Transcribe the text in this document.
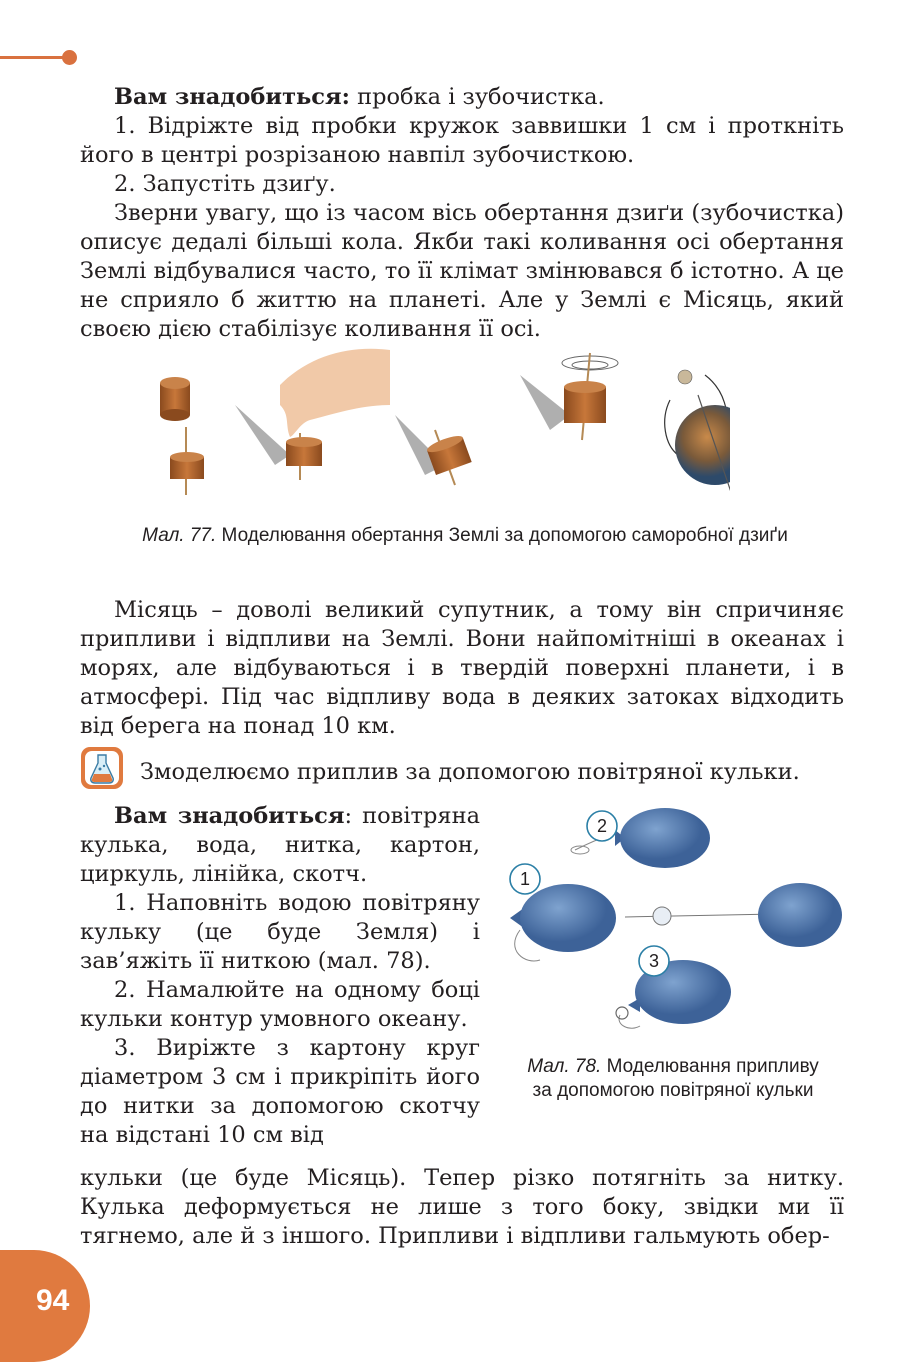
Вам знадобиться: пробка і зубочистка.

1. Відріжте від пробки кружок заввишки 1 см і проткніть його в центрі розрізаною навпіл зубочисткою.

2. Запустіть дзиґу.

Зверни увагу, що із часом вісь обертання дзиґи (зубочистка) описує дедалі більші кола. Якби такі коливання осі обертання Землі відбувалися часто, то її клімат змінювався б істотно. А це не сприяло б життю на планеті. Але у Землі є Місяць, який своєю дією стабілізує коливання її осі.

Мал. 77. Моделювання обертання Землі за допомогою саморобної дзиґи

Місяць – доволі великий супутник, а тому він спричиняє припливи і відпливи на Землі. Вони найпомітніші в океанах і морях, але відбуваються і в твердій поверхні планети, і в атмосфері. Під час відпливу вода в деяких затоках відходить від берега на понад 10 км.

Змоделюємо приплив за допомогою повітряної кульки.

Вам знадобиться: повітряна кулька, вода, нитка, картон, циркуль, лінійка, скотч.

1. Наповніть водою повітряну кульку (це буде Земля) і зав’яжіть її ниткою (мал. 78).

2. Намалюйте на одному боці кульки контур умовного океану.

3. Виріжте з картону круг діаметром 3 см і прикріпіть його до нитки за допомогою скотчу на відстані 10 см від

2
1
3
Мал. 78. Моделювання припливу за допомогою повітряної кульки

кульки (це буде Місяць). Тепер різко потягніть за нитку. Кулька деформується не лише з того боку, звідки ми її тягнемо, але й з іншого. Припливи і відпливи гальмують обер-

94
